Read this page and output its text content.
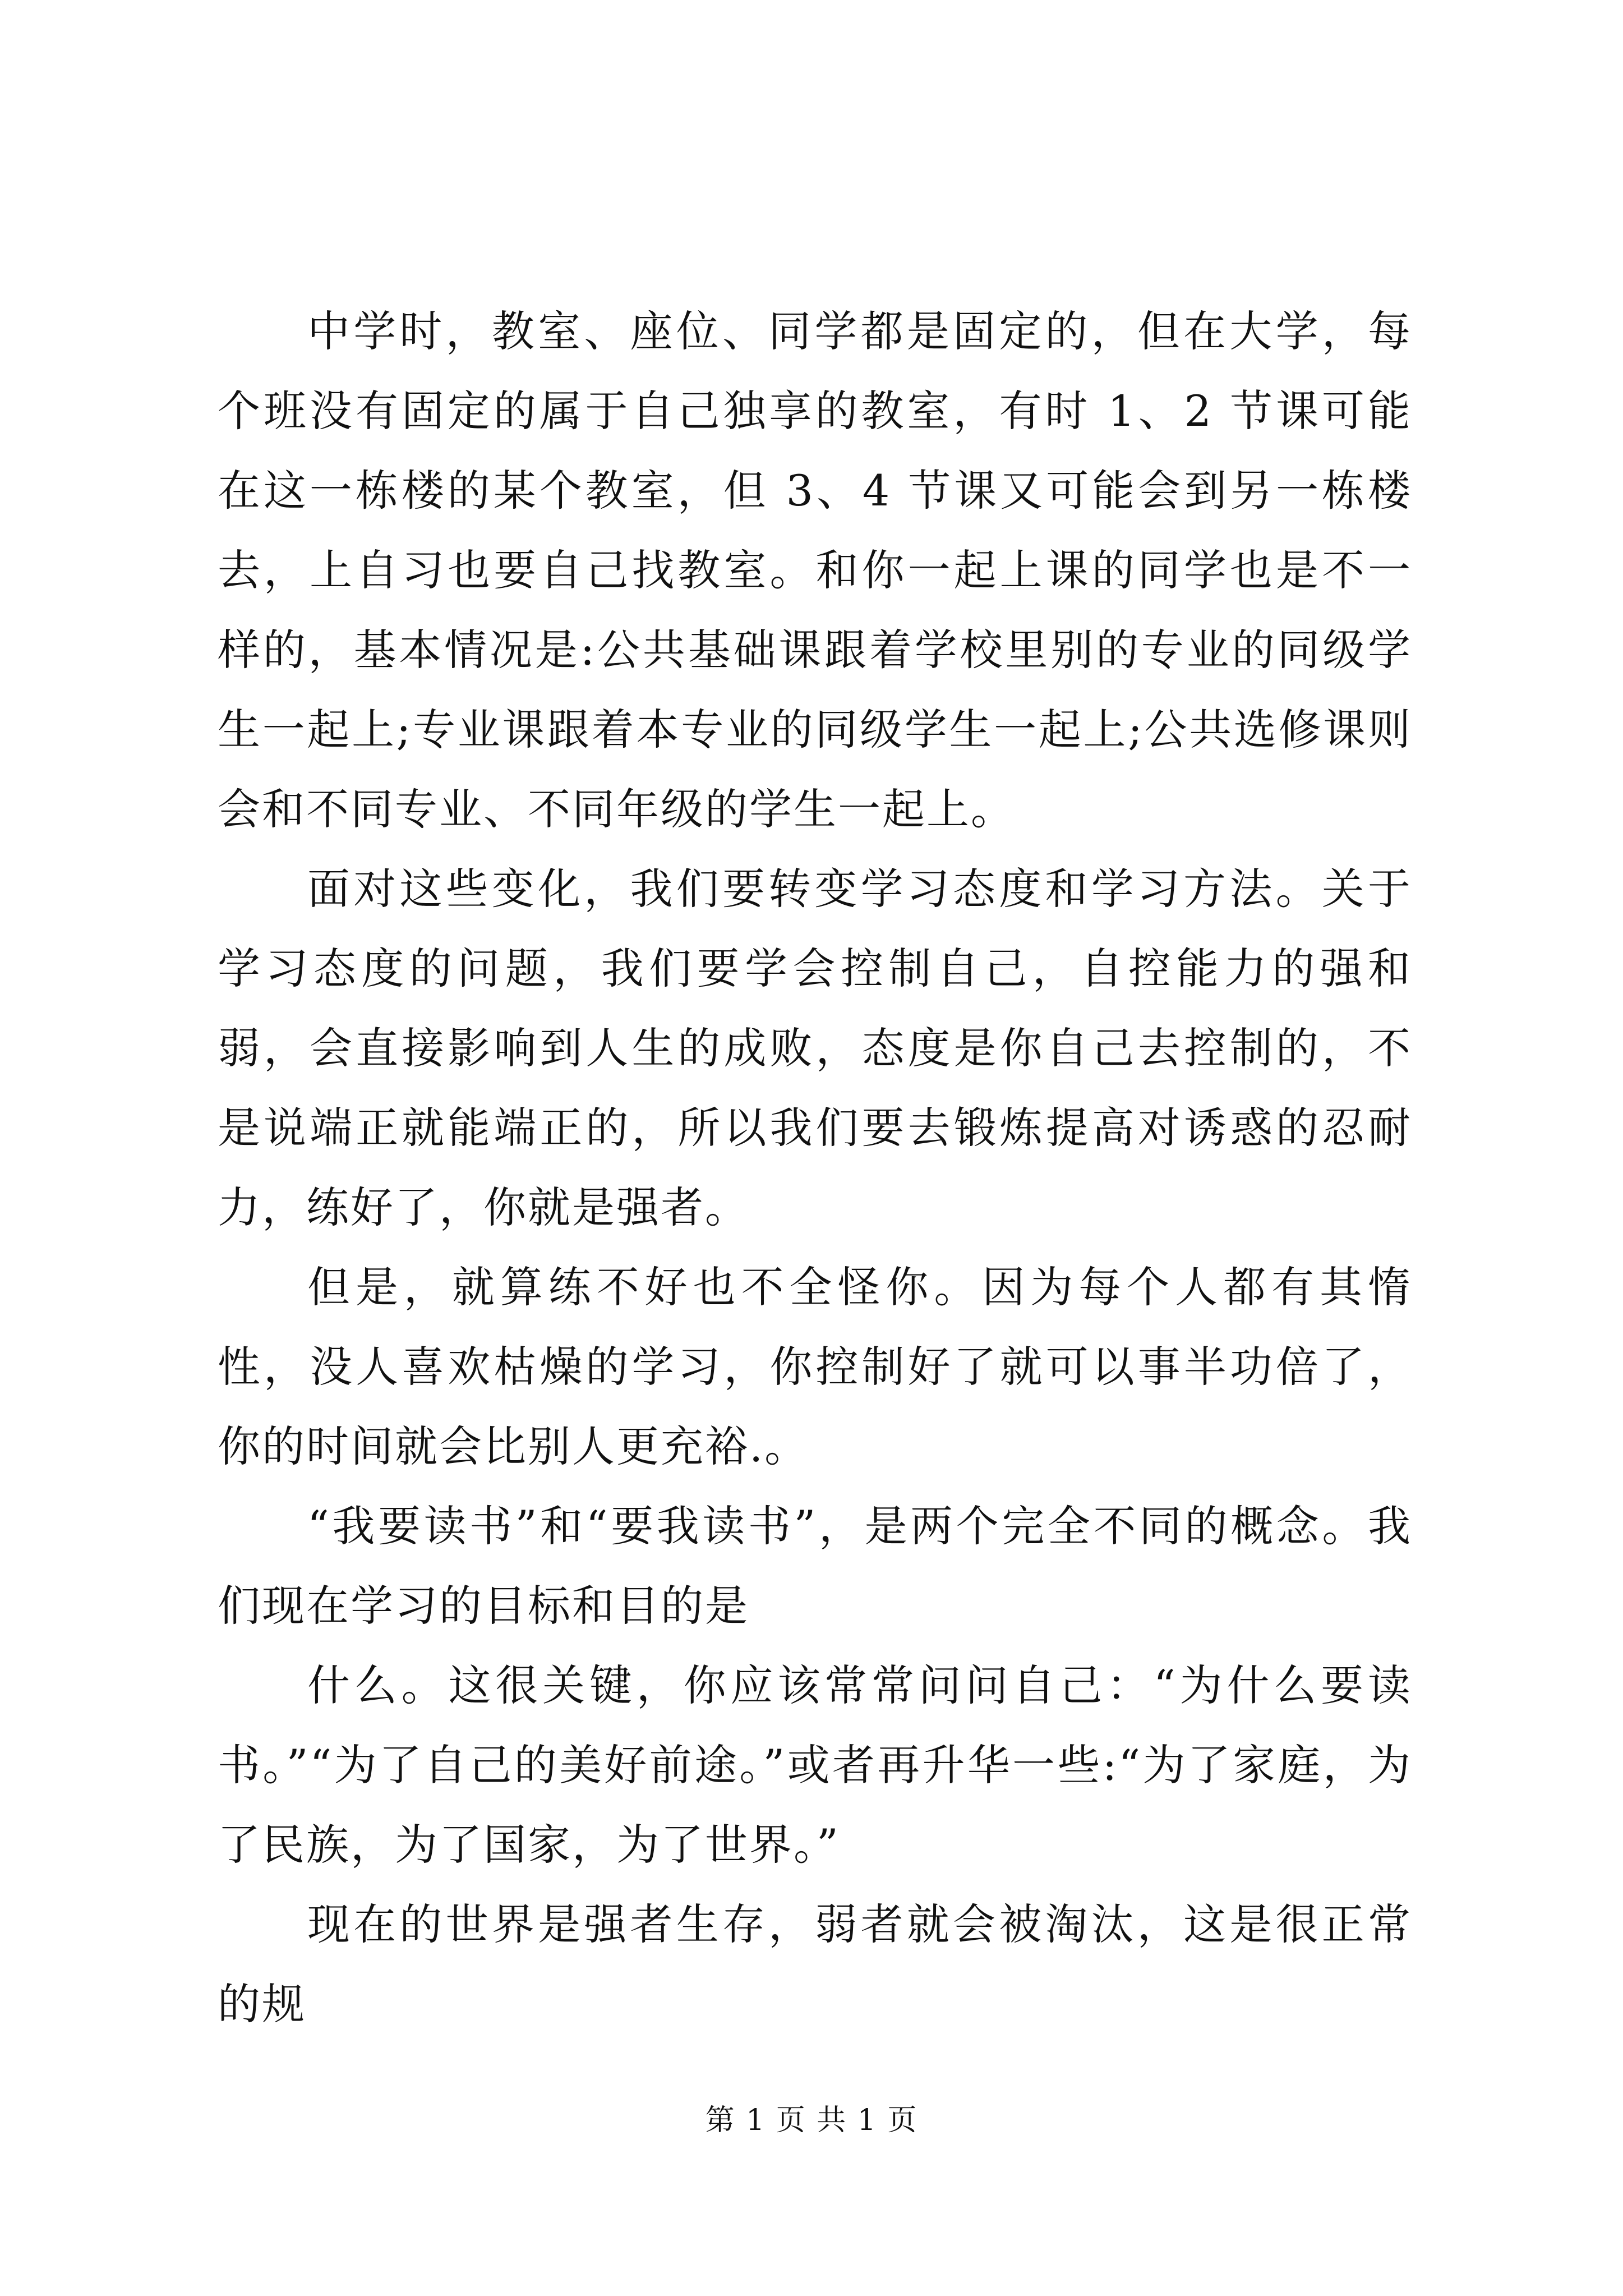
中学时，教室、座位、同学都是固定的，但在大学，每个班没有固定的属于自己独享的教室，有时 1、2 节课可能在这一栋楼的某个教室，但 3、4 节课又可能会到另一栋楼去，上自习也要自己找教室。和你一起上课的同学也是不一样的，基本情况是:公共基础课跟着学校里别的专业的同级学生一起上;专业课跟着本专业的同级学生一起上;公共选修课则会和不同专业、不同年级的学生一起上。

面对这些变化，我们要转变学习态度和学习方法。关于学习态度的问题，我们要学会控制自己，自控能力的强和弱，会直接影响到人生的成败，态度是你自己去控制的，不是说端正就能端正的，所以我们要去锻炼提高对诱惑的忍耐力，练好了，你就是强者。

但是，就算练不好也不全怪你。因为每个人都有其惰性，没人喜欢枯燥的学习，你控制好了就可以事半功倍了，你的时间就会比别人更充裕.。

“我要读书”和“要我读书”，是两个完全不同的概念。我们现在学习的目标和目的是

什么。这很关键，你应该常常问问自己：“为什么要读书。”“为了自己的美好前途。”或者再升华一些:“为了家庭，为了民族，为了国家，为了世界。”

现在的世界是强者生存，弱者就会被淘汰，这是很正常的规

第 1 页 共 1 页
